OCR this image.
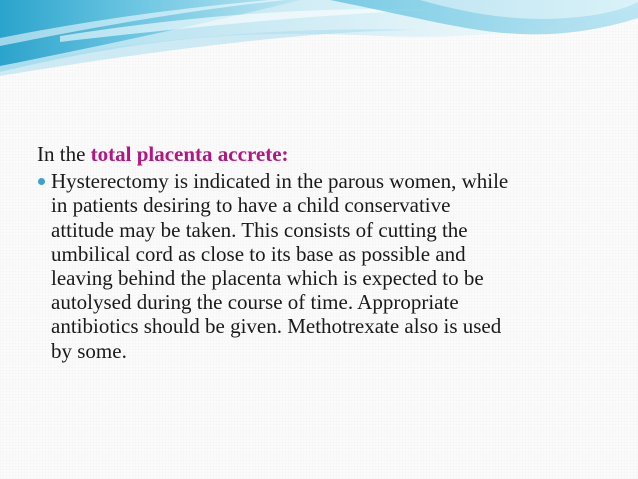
In the total placenta accrete:

Hysterectomy is indicated in the parous women, while
in patients desiring to have a child conservative
attitude may be taken. This consists of cutting the
umbilical cord as close to its base as possible and
leaving behind the placenta which is expected to be
autolysed during the course of time. Appropriate
antibiotics should be given. Methotrexate also is used
by some.
